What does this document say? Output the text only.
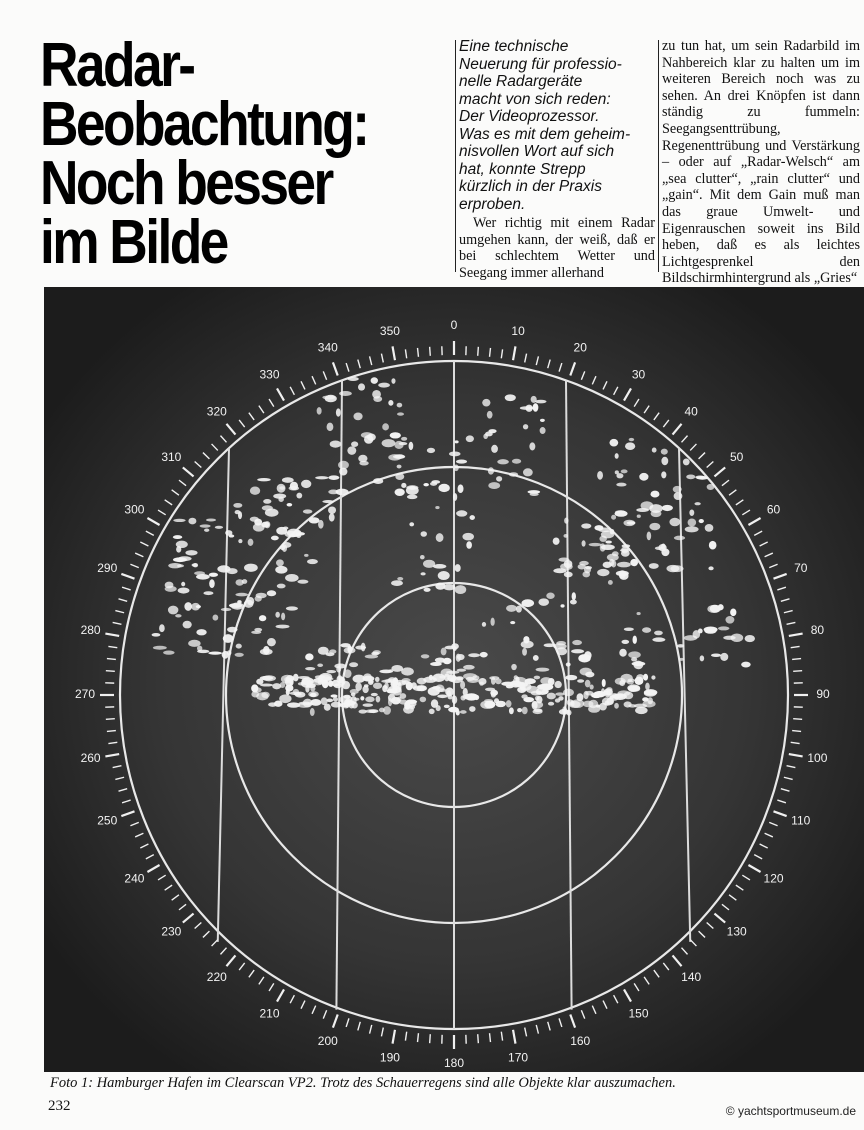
Radar-
Beobachtung:
Noch besser
im Bilde
Eine technische
Neuerung für professio-
nelle Radargeräte
macht von sich reden:
Der Videoprozessor.
Was es mit dem geheim-
nisvollen Wort auf sich
hat, konnte Strepp
kürzlich in der Praxis
erproben.

Wer richtig mit einem Radar umgehen kann, der weiß, daß er bei schlechtem Wetter und Seegang immer allerhand

zu tun hat, um sein Radarbild im Nahbereich klar zu halten um im weiteren Bereich noch was zu sehen. An drei Knöpfen ist dann ständig zu fummeln: Seegangsenttrübung, Regenenttrübung und Verstärkung – oder auf „Radar-Welsch“ am „sea clutter“, „rain clutter“ und „gain“. Mit dem Gain muß man das graue Umwelt- und Eigenrauschen soweit ins Bild heben, daß es als leichtes Lichtgesprenkel den Bildschirmhintergrund als „Gries“

0	10
20
30
40
50
60
70
80
90
100
110
120
130
140
150
160
170
180
190
200
210
220
230
240
250
260
270
280
290
300
310
320
330
340
350
Foto 1: Hamburger Hafen im Clearscan VP2. Trotz des Schauerregens sind alle Objekte klar auszumachen.
232	© yachtsportmuseum.de
